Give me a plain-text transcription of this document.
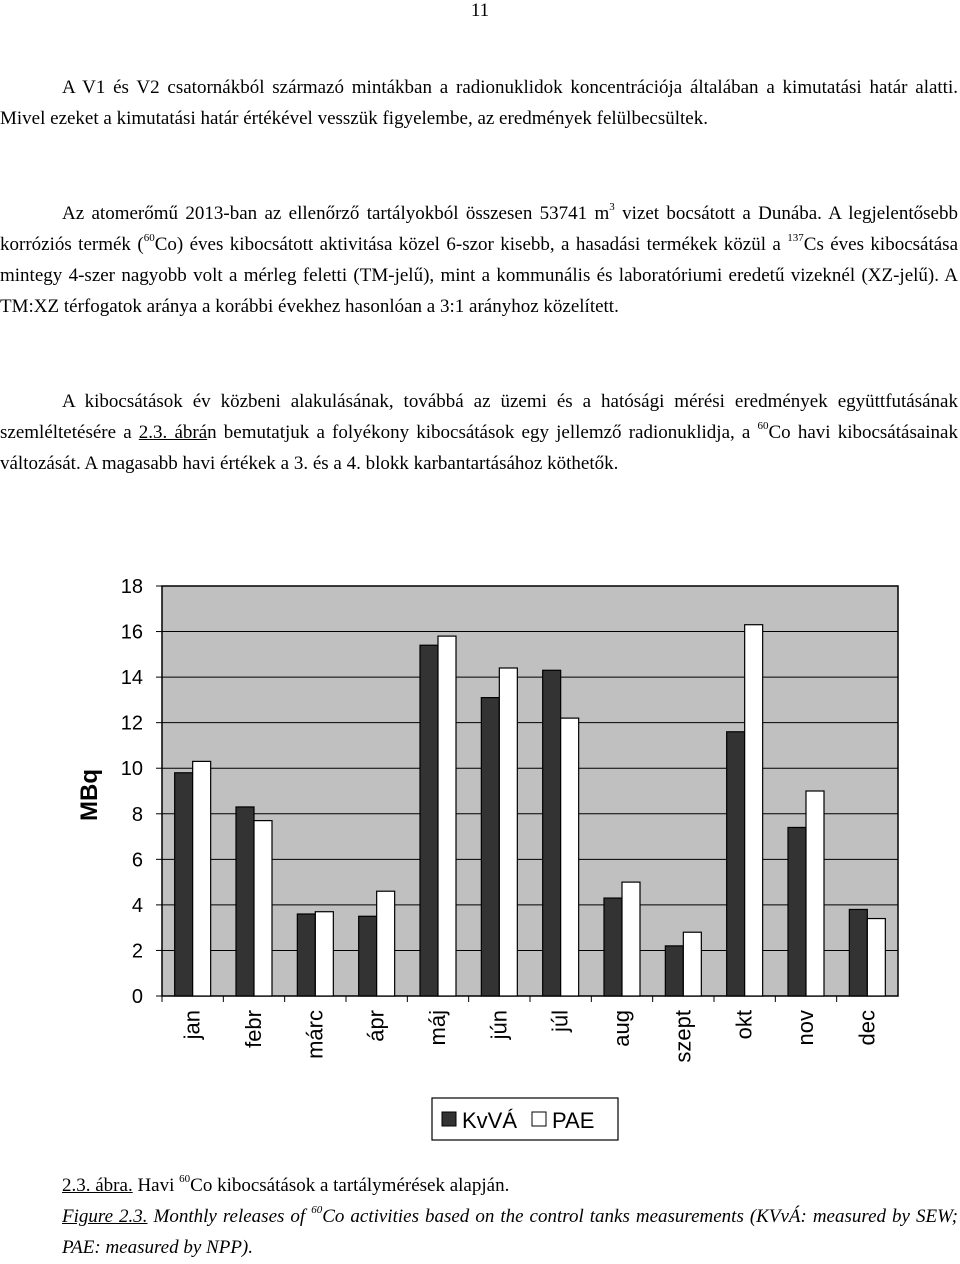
11

A V1 és V2 csatornákból származó mintákban a radionuklidok koncentrációja általában a kimutatási határ alatti. Mivel ezeket a kimutatási határ értékével vesszük figyelembe, az eredmények felülbecsültek.

Az atomerőmű 2013-ban az ellenőrző tartályokból összesen 53741 $m^3$ vizet bocsátott a Dunába. A legjelentősebb korróziós termék ($^{60}$Co) éves kibocsátott aktivitása közel 6-szor kisebb, a hasadási termékek közül a $^{137}$Cs éves kibocsátása mintegy 4-szer nagyobb volt a mérleg feletti (TM-jelű), mint a kommunális és laboratóriumi eredetű vizeknél (XZ-jelű). A TM:XZ térfogatok aránya a korábbi évekhez hasonlóan a 3:1 arányhoz közelített.

A kibocsátások év közbeni alakulásának, továbbá az üzemi és a hatósági mérési eredmények együttfutásának szemléltetésére a 2.3. ábrán bemutatjuk a folyékony kibocsátások egy jellemző radionuklidja, a $^{60}$Co havi kibocsátásainak változását. A magasabb havi értékek a 3. és a 4. blokk karbantartásához köthetők.

0
2
4
6
8
10
12
14
16
18
MBq
jan febr márc ápr máj jún júl aug szept okt nov dec
KvVÁ PAE

2.3. ábra. Havi $^{60}$Co kibocsátások a tartálymérések alapján.

Figure 2.3. Monthly releases of $^{60}$Co activities based on the control tanks measurements (KVvÁ: measured by SEW; PAE: measured by NPP).
